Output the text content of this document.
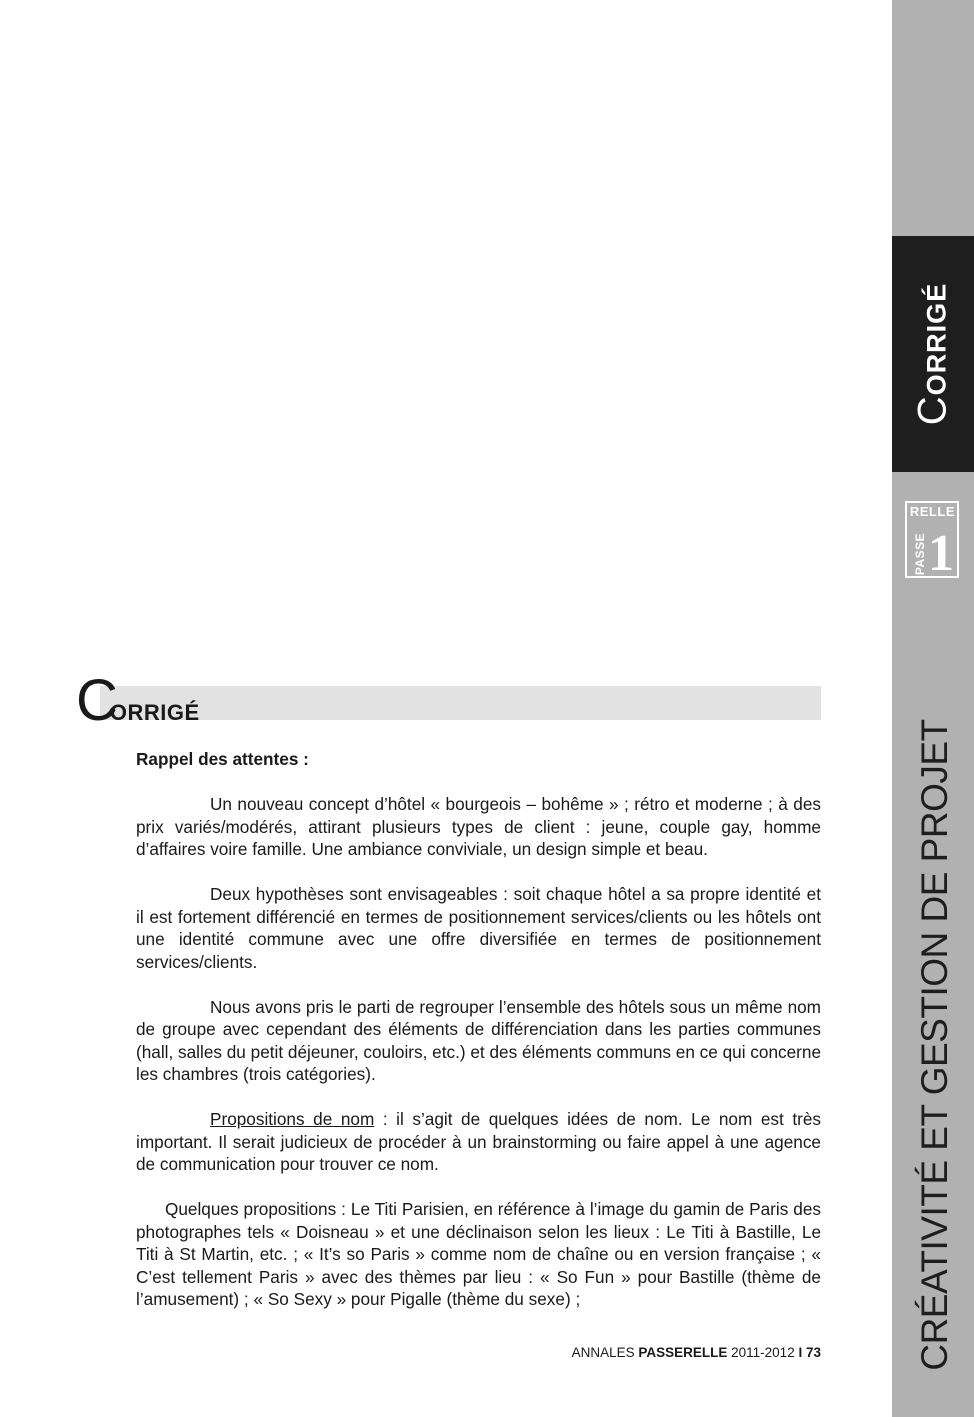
CORRIGÉ
RELLE
PASSE 1
CRÉATIVITÉ ET GESTION DE PROJET
CORRIGÉ

Rappel des attentes :

Un nouveau concept d’hôtel « bourgeois – bohême » ; rétro et moderne ; à des prix variés/modérés, attirant plusieurs types de client : jeune, couple gay, homme d’affaires voire famille. Une ambiance conviviale, un design simple et beau.

Deux hypothèses sont envisageables : soit chaque hôtel a sa propre identité et il est fortement différencié en termes de positionnement services/clients ou les hôtels ont une identité commune avec une offre diversifiée en termes de positionnement services/clients.

Nous avons pris le parti de regrouper l’ensemble des hôtels sous un même nom de groupe avec cependant des éléments de différenciation dans les parties communes (hall, salles du petit déjeuner, couloirs, etc.) et des éléments communs en ce qui concerne les chambres (trois catégories).

Propositions de nom : il s’agit de quelques idées de nom. Le nom est très important. Il serait judicieux de procéder à un brainstorming ou faire appel à une agence de communication pour trouver ce nom.

Quelques propositions : Le Titi Parisien, en référence à l’image du gamin de Paris des photographes tels « Doisneau » et une déclinaison selon les lieux : Le Titi à Bastille, Le Titi à St Martin, etc. ; « It’s so Paris » comme nom de chaîne ou en version française ; « C’est tellement Paris » avec des thèmes par lieu : « So Fun » pour Bastille (thème de l’amusement) ; « So Sexy » pour Pigalle (thème du sexe) ;

ANNALES PASSERELLE 2011-2012 I 73
